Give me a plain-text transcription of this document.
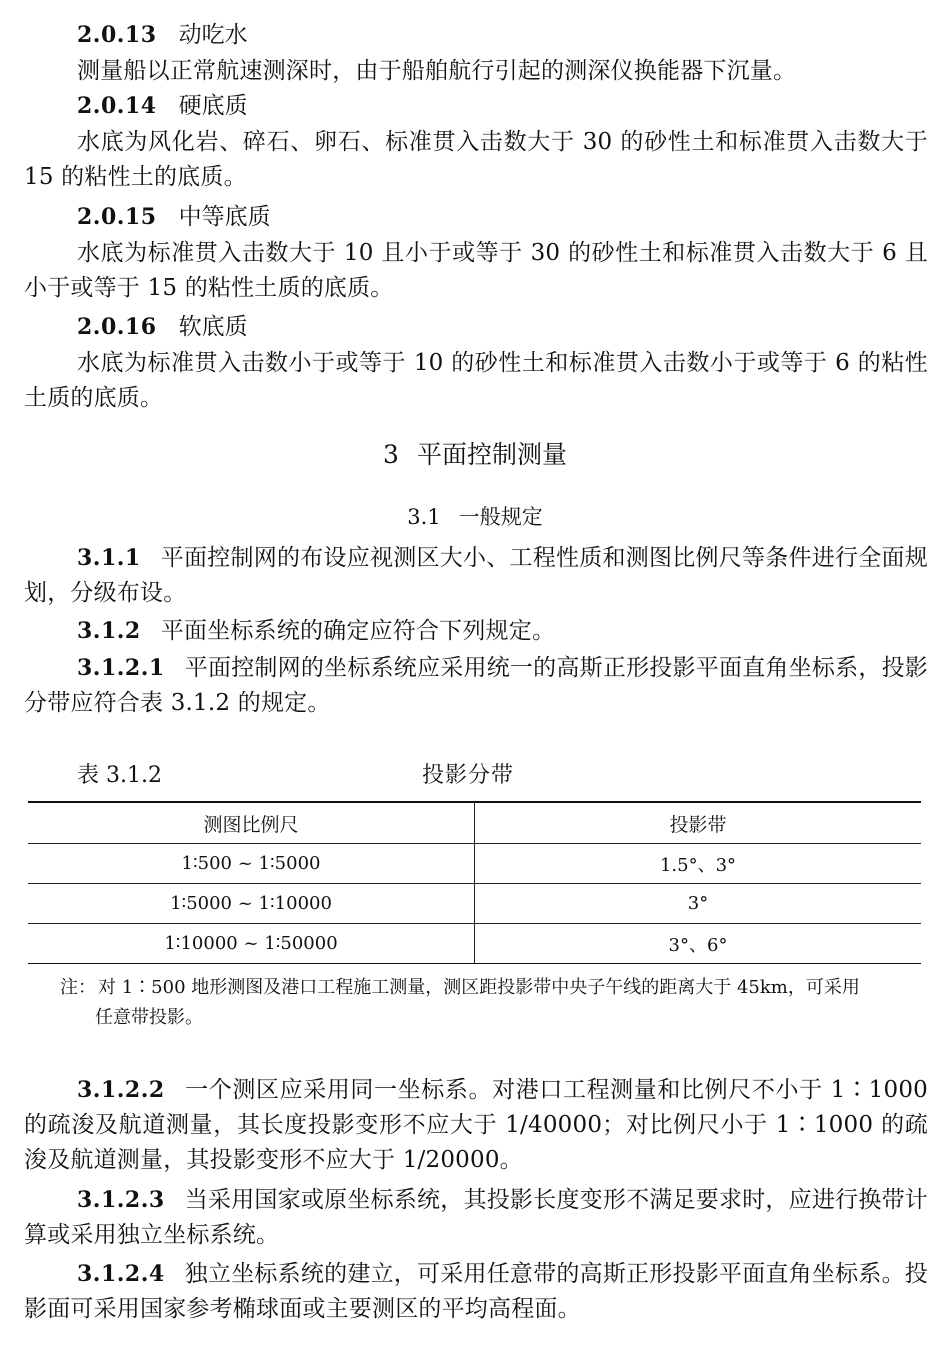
2.0.13 动吃水

测量船以正常航速测深时，由于船舶航行引起的测深仪换能器下沉量。

2.0.14 硬底质

水底为风化岩、碎石、卵石、标准贯入击数大于 30 的砂性土和标准贯入击数大于 15 的粘性土的底质。

2.0.15 中等底质

水底为标准贯入击数大于 10 且小于或等于 30 的砂性土和标准贯入击数大于 6 且小于或等于 15 的粘性土质的底质。

2.0.16 软底质

水底为标准贯入击数小于或等于 10 的砂性土和标准贯入击数小于或等于 6 的粘性土质的底质。

3 平面控制测量

3.1 一般规定

3.1.1 平面控制网的布设应视测区大小、工程性质和测图比例尺等条件进行全面规划，分级布设。

3.1.2 平面坐标系统的确定应符合下列规定。

3.1.2.1 平面控制网的坐标系统应采用统一的高斯正形投影平面直角坐标系，投影分带应符合表 3.1.2 的规定。

表 3.1.2	投影分带
测图比例尺	投影带
1∶500 ~ 1∶5000	1.5°、3°
1∶5000 ~ 1∶10000	3°
1∶10000 ~ 1∶50000	3°、6°

注： 对 1∶500 地形测图及港口工程施工测量，测区距投影带中央子午线的距离大于 45km，可采用
任意带投影。

3.1.2.2 一个测区应采用同一坐标系。对港口工程测量和比例尺不小于 1∶1000 的疏浚及航道测量，其长度投影变形不应大于 1/40000；对比例尺小于 1∶1000 的疏浚及航道测量，其投影变形不应大于 1/20000。

3.1.2.3 当采用国家或原坐标系统，其投影长度变形不满足要求时，应进行换带计算或采用独立坐标系统。

3.1.2.4 独立坐标系统的建立，可采用任意带的高斯正形投影平面直角坐标系。投影面可采用国家参考椭球面或主要测区的平均高程面。
